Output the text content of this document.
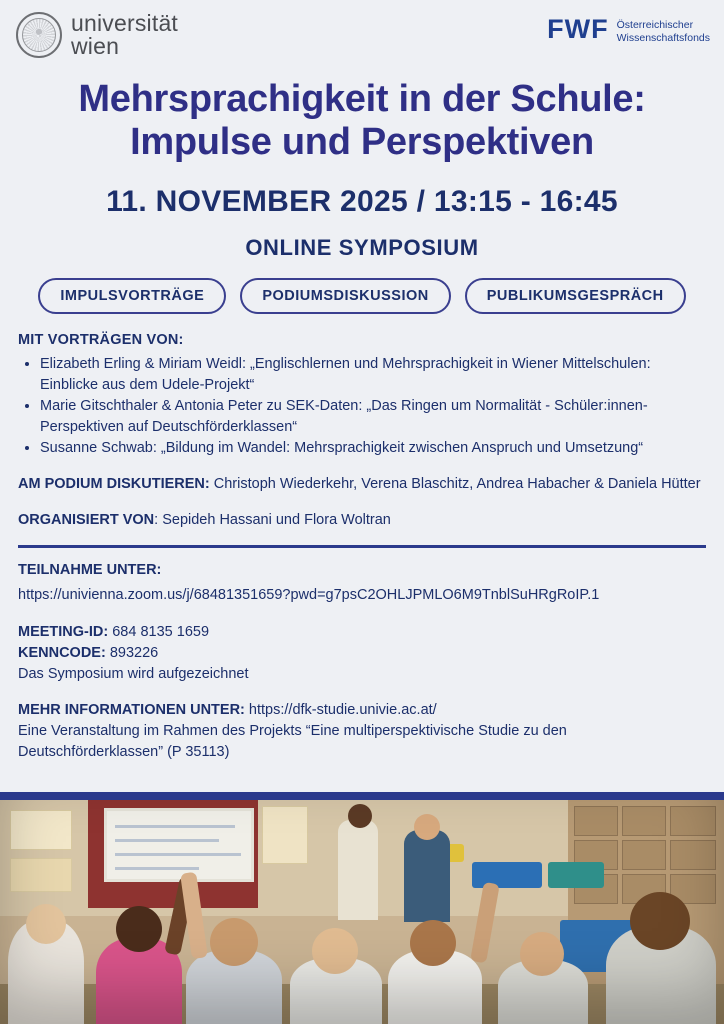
universität
wien
FWF Österreichischer
Wissenschaftsfonds
Mehrsprachigkeit in der Schule:
Impulse und Perspektiven
11. NOVEMBER 2025 / 13:15 - 16:45
ONLINE SYMPOSIUM
IMPULSVORTRÄGE	PODIUMSDISKUSSION	PUBLIKUMSGESPRÄCH
MIT VORTRÄGEN VON:
• Elizabeth Erling & Miriam Weidl: „Englischlernen und Mehrsprachigkeit in Wiener Mittelschulen: Einblicke aus dem Udele-Projekt“
• Marie Gitschthaler & Antonia Peter zu SEK-Daten: „Das Ringen um Normalität - Schüler:innen-Perspektiven auf Deutschförderklassen“
• Susanne Schwab: „Bildung im Wandel: Mehrsprachigkeit zwischen Anspruch und Umsetzung“
AM PODIUM DISKUTIEREN: Christoph Wiederkehr, Verena Blaschitz, Andrea Habacher & Daniela Hütter
ORGANISIERT VON: Sepideh Hassani und Flora Woltran
TEILNAHME UNTER:
https://univienna.zoom.us/j/68481351659?pwd=g7psC2OHLJPMLO6M9TnblSuHRgRoIP.1
MEETING-ID: 684 8135 1659
KENNCODE: 893226
Das Symposium wird aufgezeichnet
MEHR INFORMATIONEN UNTER: https://dfk-studie.univie.ac.at/
Eine Veranstaltung im Rahmen des Projekts “Eine multiperspektivische Studie zu den
Deutschförderklassen” (P 35113)
